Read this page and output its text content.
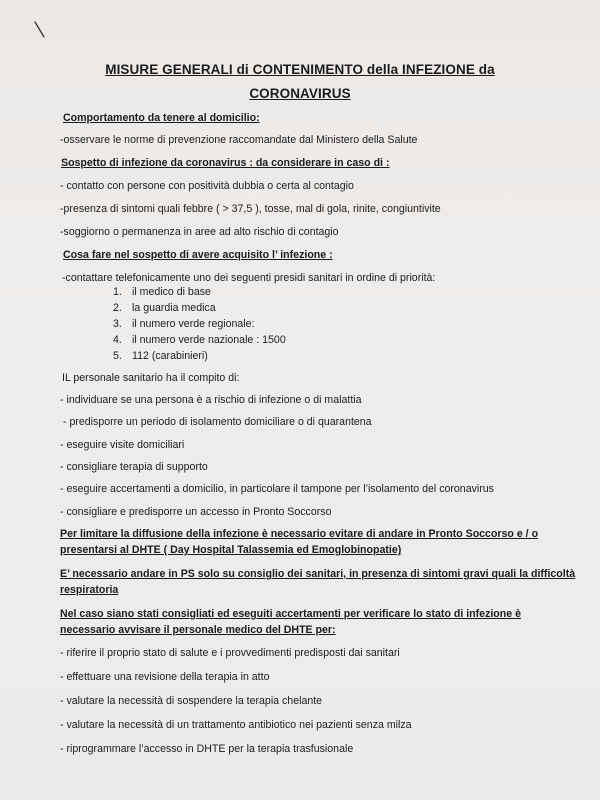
MISURE GENERALI di CONTENIMENTO della INFEZIONE da
CORONAVIRUS
Comportamento da tenere al domicilio:
-osservare le norme di prevenzione raccomandate dal Ministero della Salute
Sospetto di infezione da coronavirus : da considerare in caso di :
- contatto con persone con positività dubbia o certa al contagio
-presenza di sintomi quali febbre ( > 37,5 ), tosse, mal di gola, rinite, congiuntivite
-soggiorno o permanenza in aree ad alto rischio di contagio
Cosa fare nel sospetto di avere acquisito l’ infezione :
-contattare telefonicamente uno dei seguenti presidi sanitari in ordine di priorità:
1. il medico di base
2. la guardia medica
3. il numero verde regionale:
4. il numero verde nazionale : 1500
5. 112 (carabinieri)
IL personale sanitario ha il compito di:
- individuare se una persona è a rischio di infezione o di malattia
- predisporre un periodo di isolamento domiciliare o di quarantena
- eseguire visite domiciliari
- consigliare terapia di supporto
- eseguire accertamenti a domicilio, in particolare il tampone per l’isolamento del coronavirus
- consigliare e predisporre un accesso in Pronto Soccorso
Per limitare la diffusione della infezione è necessario evitare di andare in Pronto Soccorso e / o
presentarsi al DHTE ( Day Hospital Talassemia ed Emoglobinopatie)
E’ necessario andare in PS solo su consiglio dei sanitari, in presenza di sintomi gravi quali la difficoltà
respiratoria
Nel caso siano stati consigliati ed eseguiti accertamenti per verificare lo stato di infezione è
necessario avvisare il personale medico del DHTE per:
- riferire il proprio stato di salute e i provvedimenti predisposti dai sanitari
- effettuare una revisione della terapia in atto
- valutare la necessità di sospendere la terapia chelante
- valutare la necessità di un trattamento antibiotico nei pazienti senza milza
- riprogrammare l’accesso in DHTE per la terapia trasfusionale
